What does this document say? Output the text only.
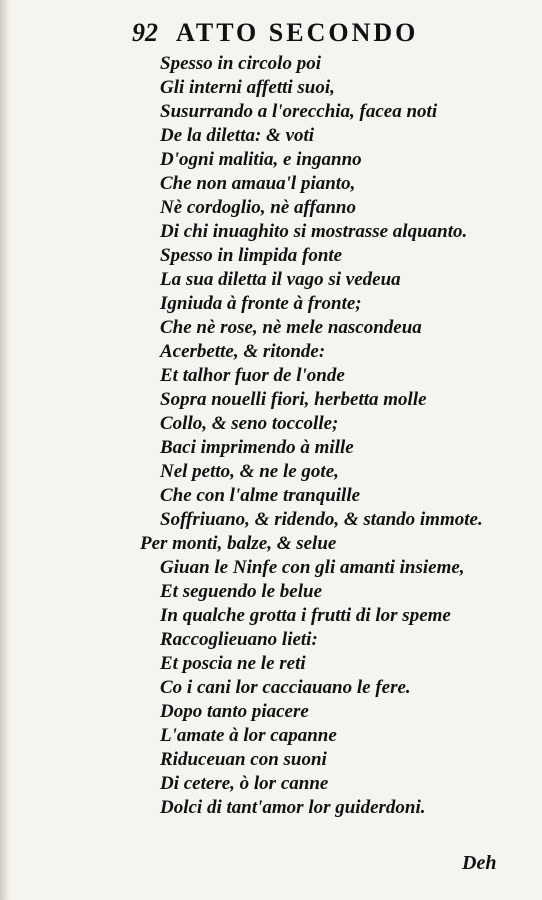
92 ATTO SECONDO
Spesso in circolo poi
Gli interni affetti suoi,
Susurrando a l'orecchia, facea noti
De la diletta: & voti
D'ogni malitia, e inganno
Che non amaua'l pianto,
Nè cordoglio, nè affanno
Di chi inuaghito si mostrasse alquanto.
Spesso in limpida fonte
La sua diletta il vago si vedeua
Igniuda à fronte à fronte;
Che nè rose, nè mele nascondeua
Acerbette, & ritonde:
Et talhor fuor de l'onde
Sopra nouelli fiori, herbetta molle
Collo, & seno toccolle;
Baci imprimendo à mille
Nel petto, & ne le gote,
Che con l'alme tranquille
Soffriuano, & ridendo, & stando immote.
Per monti, balze, & selue
Giuan le Ninfe con gli amanti insieme,
Et seguendo le belue
In qualche grotta i frutti di lor speme
Raccoglieuano lieti:
Et poscia ne le reti
Co i cani lor cacciauano le fere.
Dopo tanto piacere
L'amate à lor capanne
Riduceuan con suoni
Di cetere, ò lor canne
Dolci di tant'amor lor guiderdoni.
Deh
